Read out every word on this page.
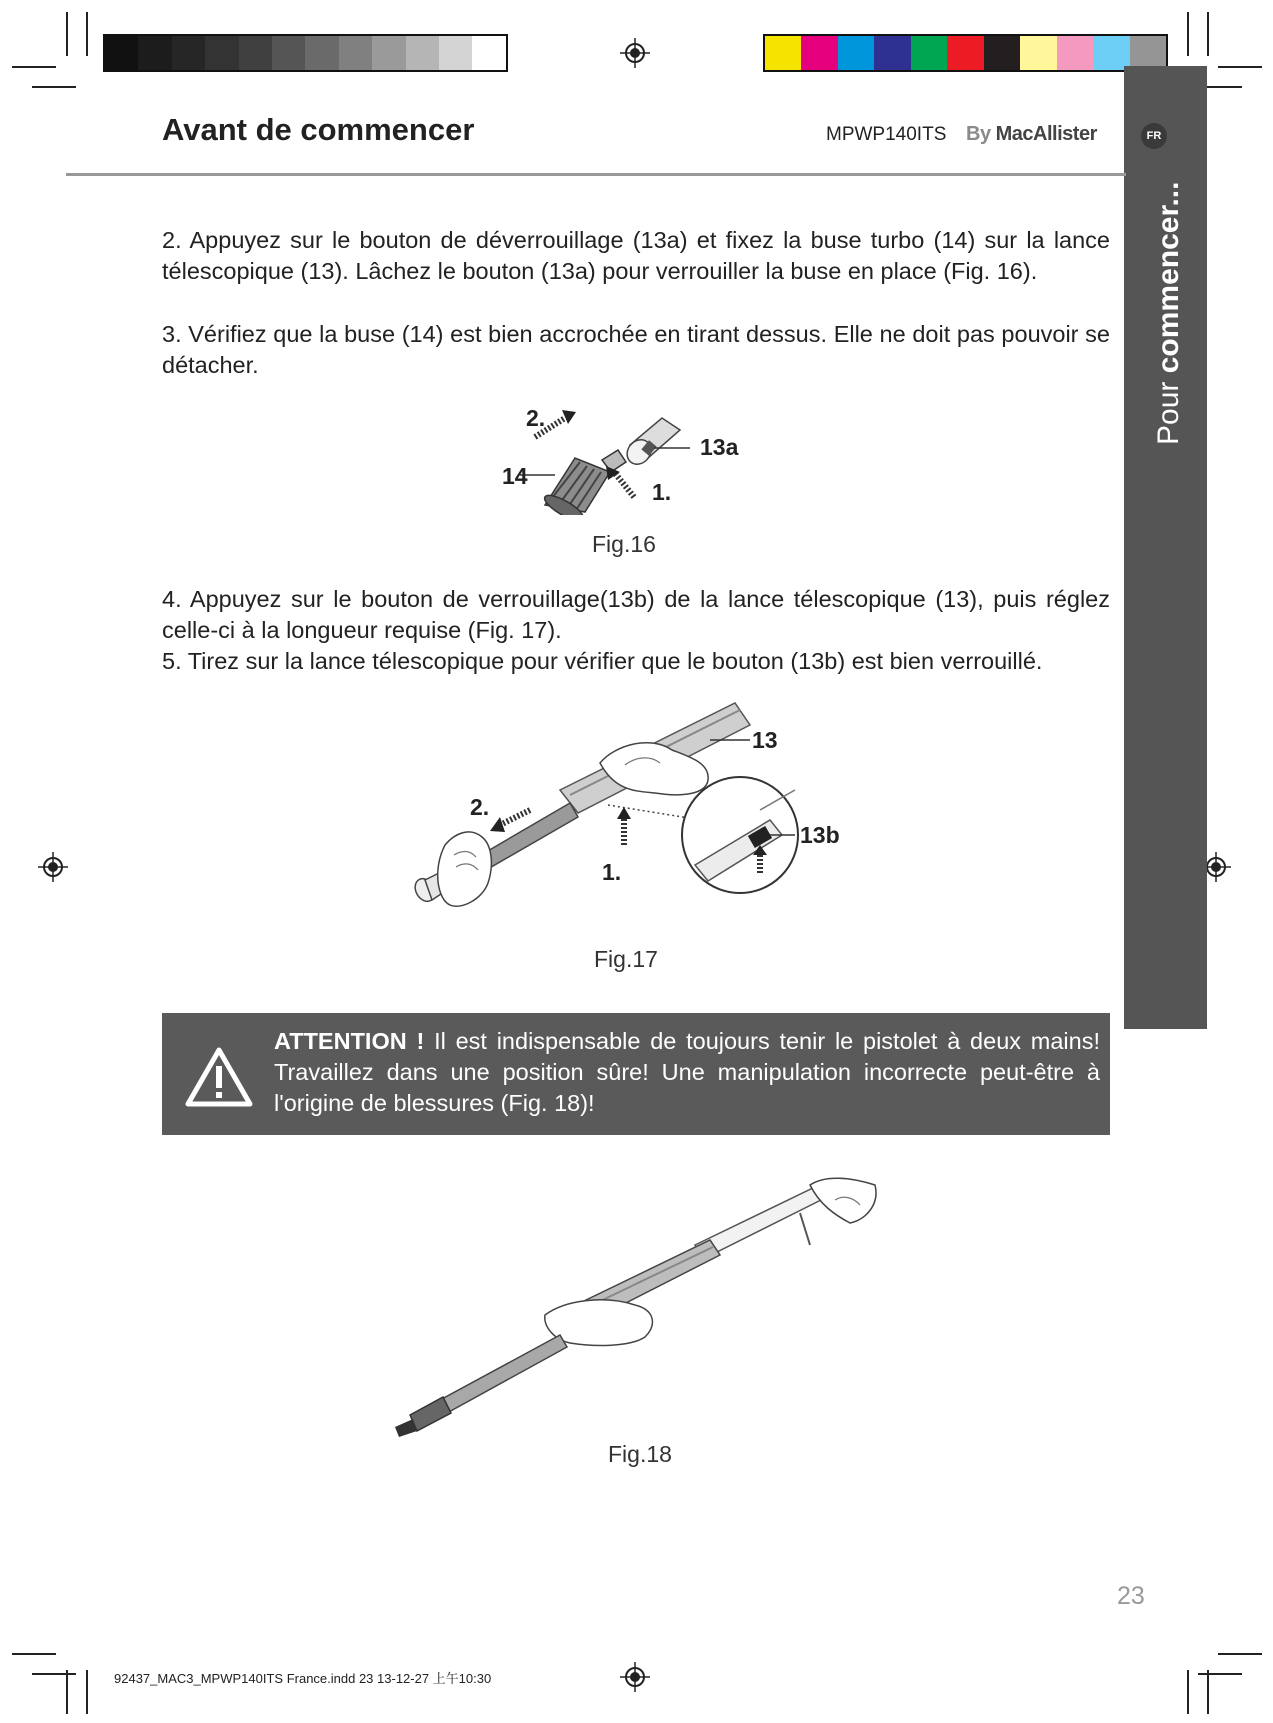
Pour commencer...
FR
Avant de commencer	MPWP140ITS By MacAllister
2. Appuyez sur le bouton de déverrouillage (13a) et fixez la buse turbo (14) sur la lance télescopique (13). Lâchez le bouton (13a) pour verrouiller la buse en place (Fig. 16).
3. Vérifiez que la buse (14) est bien accrochée en tirant dessus. Elle ne doit pas pouvoir se détacher.
2.
13a
14
1.
Fig.16
4. Appuyez sur le bouton de verrouillage(13b) de la lance télescopique (13), puis réglez celle-ci à la longueur requise (Fig. 17).
5. Tirez sur la lance télescopique pour vérifier que le bouton (13b) est bien verrouillé.
13
2.
13b
1.
Fig.17
ATTENTION ! Il est indispensable de toujours tenir le pistolet à deux mains! Travaillez dans une position sûre! Une manipulation incorrecte peut-être à l'origine de blessures (Fig. 18)!
Fig.18
23
92437_MAC3_MPWP140ITS France.indd 23 13-12-27 上午10:30
